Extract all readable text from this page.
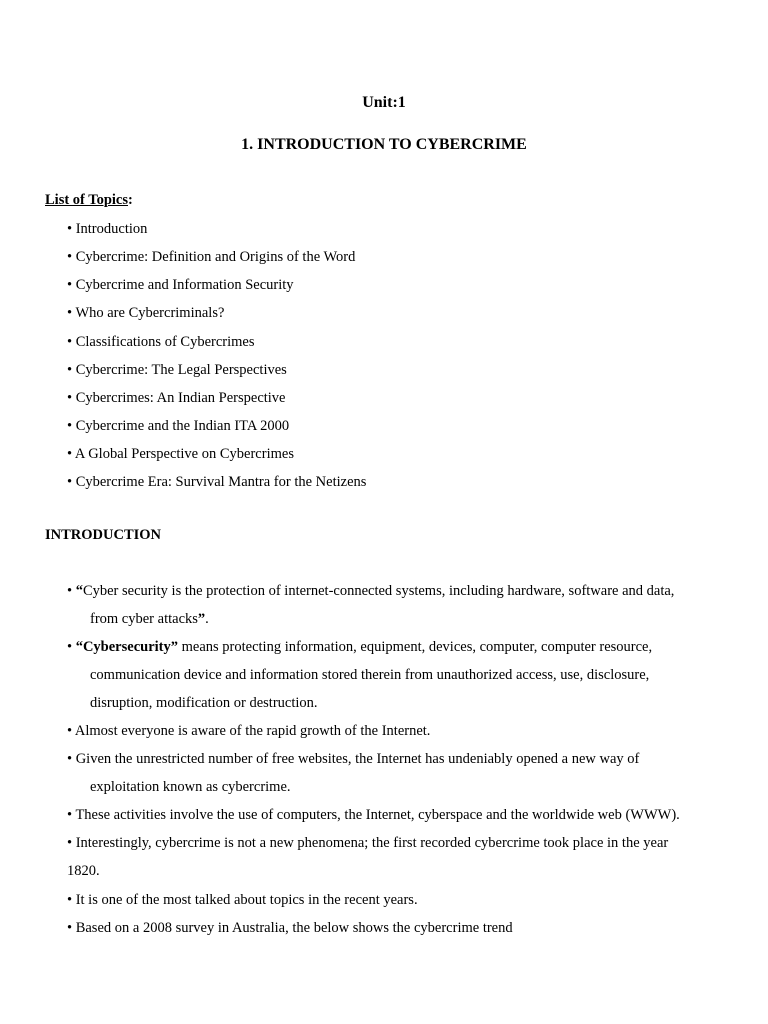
Unit:1
1. INTRODUCTION TO CYBERCRIME
List of Topics:
• Introduction
• Cybercrime: Definition and Origins of the Word
• Cybercrime and Information Security
• Who are Cybercriminals?
• Classifications of Cybercrimes
• Cybercrime: The Legal Perspectives
• Cybercrimes: An Indian Perspective
• Cybercrime and the Indian ITA 2000
• A Global Perspective on Cybercrimes
• Cybercrime Era: Survival Mantra for the Netizens
INTRODUCTION
• “Cyber security is the protection of internet-connected systems, including hardware, software and data,
from cyber attacks”.
• “Cybersecurity” means protecting information, equipment, devices, computer, computer resource,
communication device and information stored therein from unauthorized access, use, disclosure,
disruption, modification or destruction.
• Almost everyone is aware of the rapid growth of the Internet.
• Given the unrestricted number of free websites, the Internet has undeniably opened a new way of
exploitation known as cybercrime.
• These activities involve the use of computers, the Internet, cyberspace and the worldwide web (WWW).
• Interestingly, cybercrime is not a new phenomena; the first recorded cybercrime took place in the year
1820.
• It is one of the most talked about topics in the recent years.
• Based on a 2008 survey in Australia, the below shows the cybercrime trend
